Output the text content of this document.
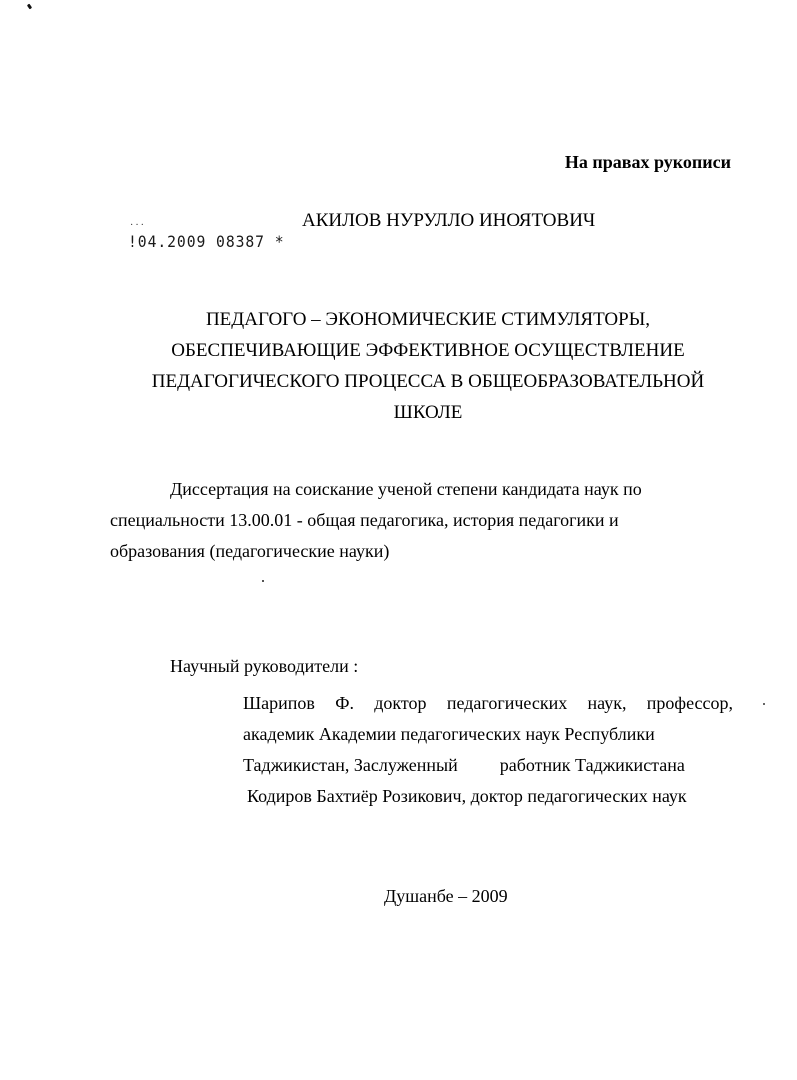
На правах рукописи
···
!04.2009 08387 *
АКИЛОВ НУРУЛЛО ИНОЯТОВИЧ
ПЕДАГОГО – ЭКОНОМИЧЕСКИЕ СТИМУЛЯТОРЫ,
ОБЕСПЕЧИВАЮЩИЕ ЭФФЕКТИВНОЕ ОСУЩЕСТВЛЕНИЕ
ПЕДАГОГИЧЕСКОГО ПРОЦЕССА В ОБЩЕОБРАЗОВАТЕЛЬНОЙ
ШКОЛЕ
Диссертация на соискание ученой степени кандидата наук по
специальности 13.00.01 - общая педагогика, история педагогики и
образования (педагогические науки)
Научный руководители :
Шарипов Ф. доктор педагогических наук, профессор,
академик Академии педагогических наук Республики
Таджикистан, Заслуженный работник Таджикистана
Кодиров Бахтиёр Розикович, доктор педагогических наук
Душанбе – 2009
